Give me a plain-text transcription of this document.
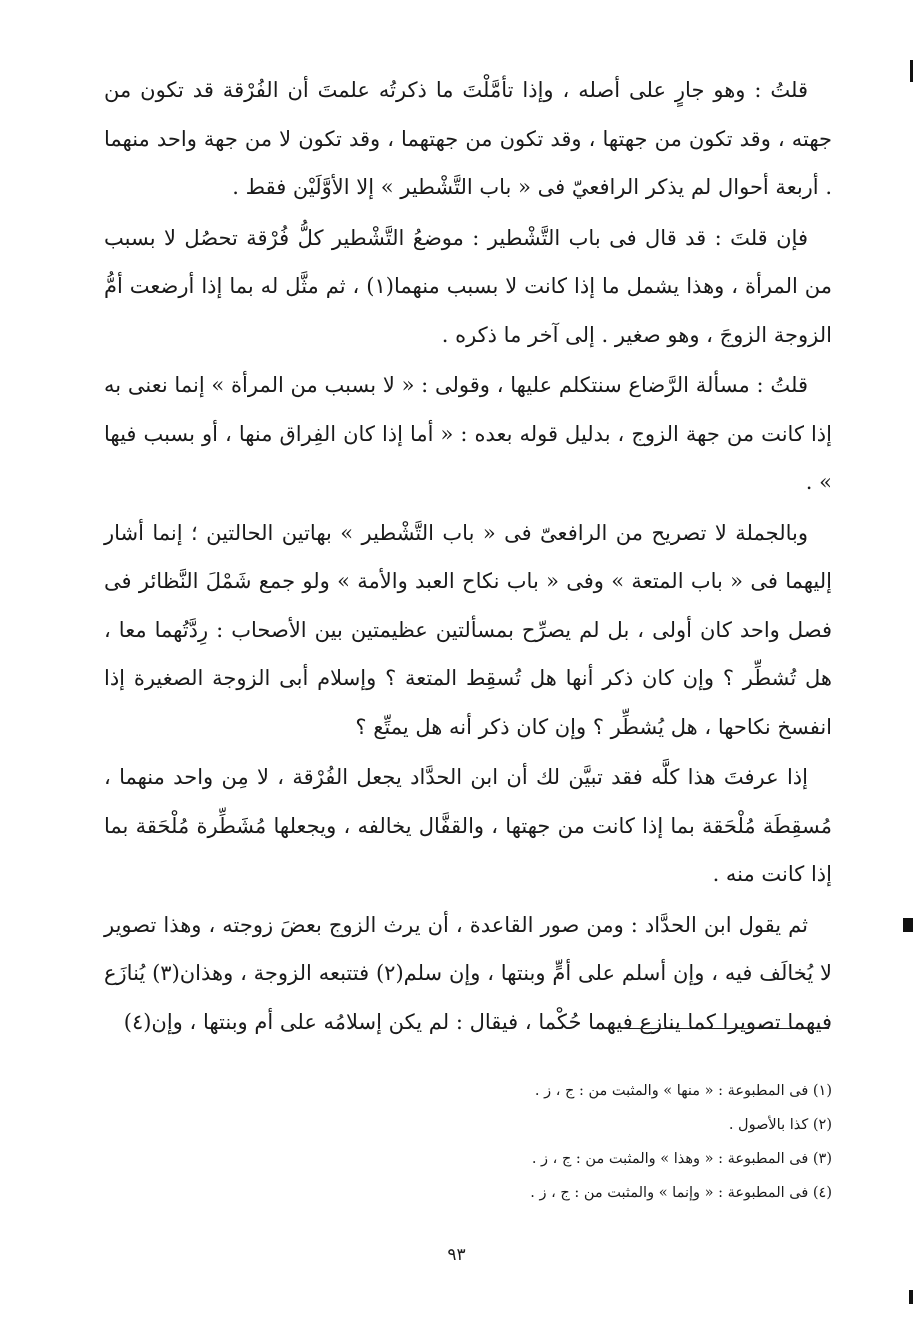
قلتُ : وهو جارٍ على أصله ، وإذا تأمَّلْتَ ما ذكرتُه علمتَ أن الفُرْقة قد تكون من جهته ، وقد تكون من جهتها ، وقد تكون من جهتهما ، وقد تكون لا من جهة واحد منهما . أربعة أحوال لم يذكر الرافعيّ فى « باب التَّشْطير » إلا الأوَّلَيْن فقط .

فإن قلتَ : قد قال فى باب التَّشْطير : موضعُ التَّشْطير كلُّ فُرْقة تحصُل لا بسبب من المرأة ، وهذا يشمل ما إذا كانت لا بسبب منهما(١) ، ثم مثَّل له بما إذا أرضعت أمُّ الزوجة الزوجَ ، وهو صغير . إلى آخر ما ذكره .

قلتُ : مسألة الرَّضاع سنتكلم عليها ، وقولى : « لا بسبب من المرأة » إنما نعنى به إذا كانت من جهة الزوج ، بدليل قوله بعده : « أما إذا كان الفِراق منها ، أو بسبب فيها » .

وبالجملة لا تصريح من الرافعىّ فى « باب التَّشْطير » بهاتين الحالتين ؛ إنما أشار إليهما فى « باب المتعة » وفى « باب نكاح العبد والأمة » ولو جمع شَمْلَ النَّظائر فى فصل واحد كان أولى ، بل لم يصرِّح بمسألتين عظيمتين بين الأصحاب : رِدَّتُهما معا ، هل تُشطِّر ؟ وإن كان ذكر أنها هل تُسقِط المتعة ؟ وإسلام أبى الزوجة الصغيرة إذا انفسخ نكاحها ، هل يُشطِّر ؟ وإن كان ذكر أنه هل يمتِّع ؟

إذا عرفتَ هذا كلَّه فقد تبيَّن لك أن ابن الحدَّاد يجعل الفُرْقة ، لا مِن واحد منهما ، مُسقِطَة مُلْحَقة بما إذا كانت من جهتها ، والقفَّال يخالفه ، ويجعلها مُشَطِّرة مُلْحَقة بما إذا كانت منه .

ثم يقول ابن الحدَّاد : ومن صور القاعدة ، أن يرث الزوج بعضَ زوجته ، وهذا تصوير لا يُخالَف فيه ، وإن أسلم على أمٍّ وبنتها ، وإن سلم(٢) فتتبعه الزوجة ، وهذان(٣) يُنازَع فيهما تصويرا كما ينازع فيهما حُكْما ، فيقال : لم يكن إسلامُه على أم وبنتها ، وإن(٤)

(١) فى المطبوعة : « منها » والمثبت من : ج ، ز .

(٢) كذا بالأصول .

(٣) فى المطبوعة : « وهذا » والمثبت من : ج ، ز .

(٤) فى المطبوعة : « وإنما » والمثبت من : ج ، ز .

٩٣
